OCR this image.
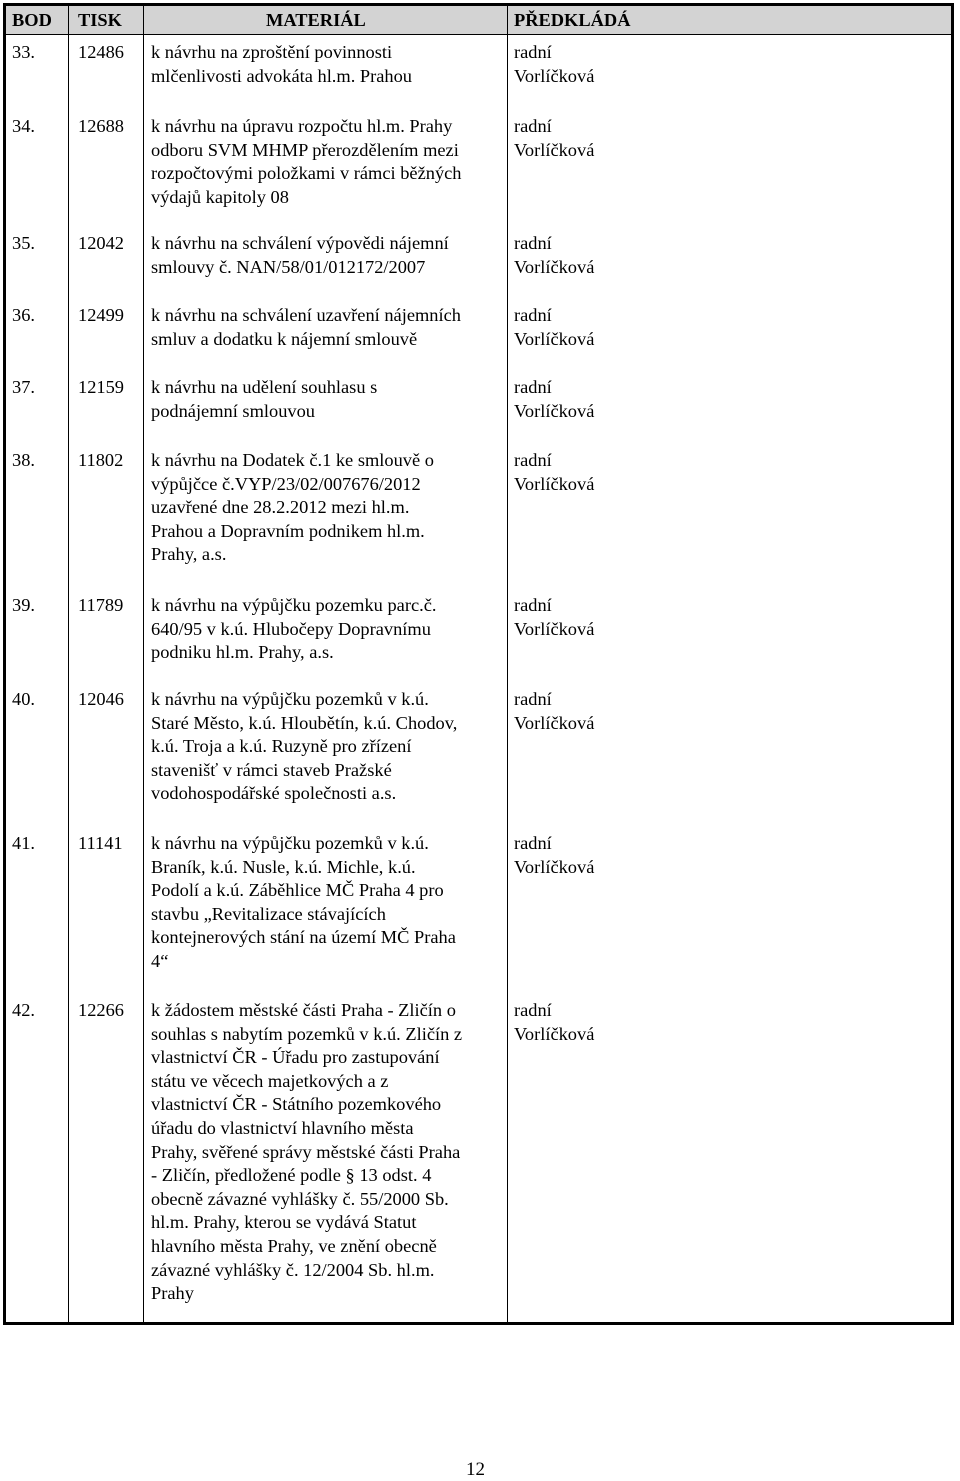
BOD TISK	MATERIÁL	PŘEDKLÁDÁ
33. 12486 k návrhu na zproštění povinnosti
mlčenlivosti advokáta hl.m. Prahou
radní
Vorlíčková
34. 12688 k návrhu na úpravu rozpočtu hl.m. Prahy
odboru SVM MHMP přerozdělením mezi
rozpočtovými položkami v rámci běžných
výdajů kapitoly 08
radní
Vorlíčková
35. 12042 k návrhu na schválení výpovědi nájemní
smlouvy č. NAN/58/01/012172/2007
radní
Vorlíčková
36. 12499 k návrhu na schválení uzavření nájemních
smluv a dodatku k nájemní smlouvě
radní
Vorlíčková
37. 12159 k návrhu na udělení souhlasu s
podnájemní smlouvou
radní
Vorlíčková
38. 11802 k návrhu na Dodatek č.1 ke smlouvě o
výpůjčce č.VYP/23/02/007676/2012
uzavřené dne 28.2.2012 mezi hl.m.
Prahou a Dopravním podnikem hl.m.
Prahy, a.s.
radní
Vorlíčková
39. 11789 k návrhu na výpůjčku pozemku parc.č.
640/95 v k.ú. Hlubočepy Dopravnímu
podniku hl.m. Prahy, a.s.
radní
Vorlíčková
40. 12046 k návrhu na výpůjčku pozemků v k.ú.
Staré Město, k.ú. Hloubětín, k.ú. Chodov,
k.ú. Troja a k.ú. Ruzyně pro zřízení
stavenišť v rámci staveb Pražské
vodohospodářské společnosti a.s.
radní
Vorlíčková
41. 11141 k návrhu na výpůjčku pozemků v k.ú.
Braník, k.ú. Nusle, k.ú. Michle, k.ú.
Podolí a k.ú. Záběhlice MČ Praha 4 pro
stavbu „Revitalizace stávajících
kontejnerových stání na území MČ Praha
4“
radní
Vorlíčková
42. 12266 k žádostem městské části Praha - Zličín o
souhlas s nabytím pozemků v k.ú. Zličín z
vlastnictví ČR - Úřadu pro zastupování
státu ve věcech majetkových a z
vlastnictví ČR - Státního pozemkového
úřadu do vlastnictví hlavního města
Prahy, svěřené správy městské části Praha
- Zličín, předložené podle § 13 odst. 4
obecně závazné vyhlášky č. 55/2000 Sb.
hl.m. Prahy, kterou se vydává Statut
hlavního města Prahy, ve znění obecně
závazné vyhlášky č. 12/2004 Sb. hl.m.
Prahy
radní
Vorlíčková
12
